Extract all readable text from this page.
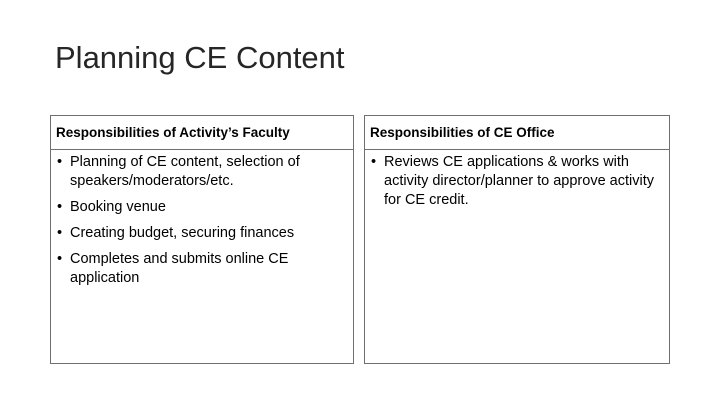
Planning CE Content
Responsibilities of Activity’s Faculty
• Planning of CE content, selection of speakers/moderators/etc.
• Booking venue
• Creating budget, securing finances
• Completes and submits online CE application
Responsibilities of CE Office
• Reviews CE applications & works with activity director/planner to approve activity for CE credit.
